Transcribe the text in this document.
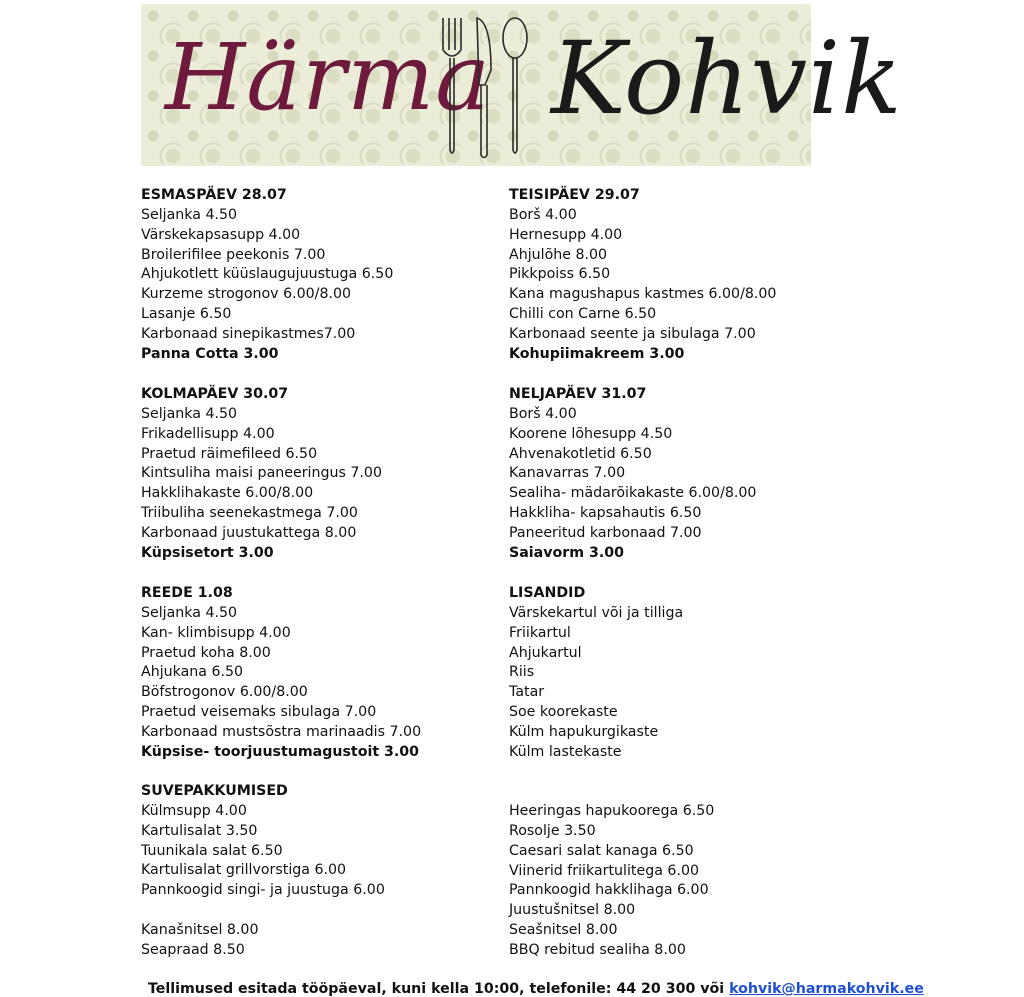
Härma Kohvik
ESMASPÄEV 28.07
Seljanka 4.50
Värskekapsasupp 4.00
Broilerifilee peekonis 7.00
Ahjukotlett küüslaugujuustuga 6.50
Kurzeme strogonov 6.00/8.00
Lasanje 6.50
Karbonaad sinepikastmes7.00
Panna Cotta 3.00
TEISIPÄEV 29.07
Borš 4.00
Hernesupp 4.00
Ahjulõhe 8.00
Pikkpoiss 6.50
Kana magushapus kastmes 6.00/8.00
Chilli con Carne 6.50
Karbonaad seente ja sibulaga 7.00
Kohupiimakreem 3.00
KOLMAPÄEV 30.07
Seljanka 4.50
Frikadellisupp 4.00
Praetud räimefileed 6.50
Kintsuliha maisi paneeringus 7.00
Hakklihakaste 6.00/8.00
Triibuliha seenekastmega 7.00
Karbonaad juustukattega 8.00
Küpsisetort 3.00
NELJAPÄEV 31.07
Borš 4.00
Koorene lõhesupp 4.50
Ahvenakotletid 6.50
Kanavarras 7.00
Sealiha- mädarõikakaste 6.00/8.00
Hakkliha- kapsahautis 6.50
Paneeritud karbonaad 7.00
Saiavorm 3.00
REEDE 1.08
Seljanka 4.50
Kan- klimbisupp 4.00
Praetud koha 8.00
Ahjukana 6.50
Böfstrogonov 6.00/8.00
Praetud veisemaks sibulaga 7.00
Karbonaad mustsõstra marinaadis 7.00
Küpsise- toorjuustumagustoit 3.00
LISANDID
Värskekartul või ja tilliga
Friikartul
Ahjukartul
Riis
Tatar
Soe koorekaste
Külm hapukurgikaste
Külm lastekaste
SUVEPAKKUMISED
Külmsupp 4.00
Kartulisalat 3.50
Tuunikala salat 6.50
Kartulisalat grillvorstiga 6.00
Pannkoogid singi- ja juustuga 6.00
Kanašnitsel 8.00
Seapraad 8.50
Heeringas hapukoorega 6.50
Rosolje 3.50
Caesari salat kanaga 6.50
Viinerid friikartulitega 6.00
Pannkoogid hakklihaga 6.00
Juustušnitsel 8.00
Seašnitsel 8.00
BBQ rebitud sealiha 8.00
Tellimused esitada tööpäeval, kuni kella 10:00, telefonile: 44 20 300 või kohvik@harmakohvik.ee
